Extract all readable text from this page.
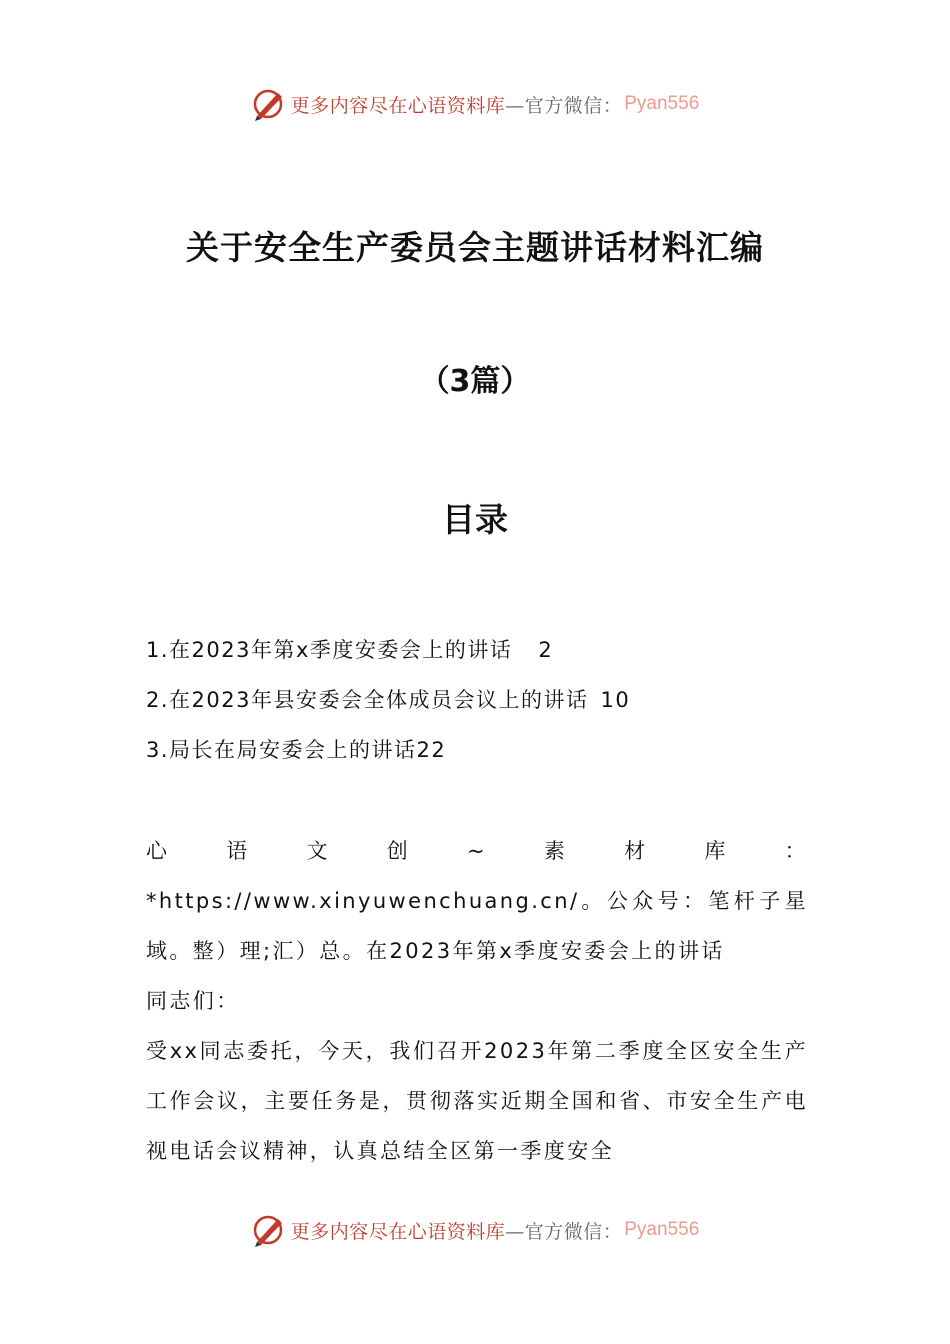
更多内容尽在心语资料库 —官方微信： Pyan556
关于安全生产委员会主题讲话材料汇编
（3篇）
目录
1.在2023年第x季度安委会上的讲话 2
2.在2023年县安委会全体成员会议上的讲话 10
3.局长在局安委会上的讲话22

心语文创~素材库：*https://www.xinyuwenchuang.cn/。公众号：笔杆子星域。整）理;汇）总。在2023年第x季度安委会上的讲话

同志们：

受xx同志委托，今天，我们召开2023年第二季度全区安全生产工作会议，主要任务是，贯彻落实近期全国和省、市安全生产电视电话会议精神，认真总结全区第一季度安全

更多内容尽在心语资料库 —官方微信： Pyan556
